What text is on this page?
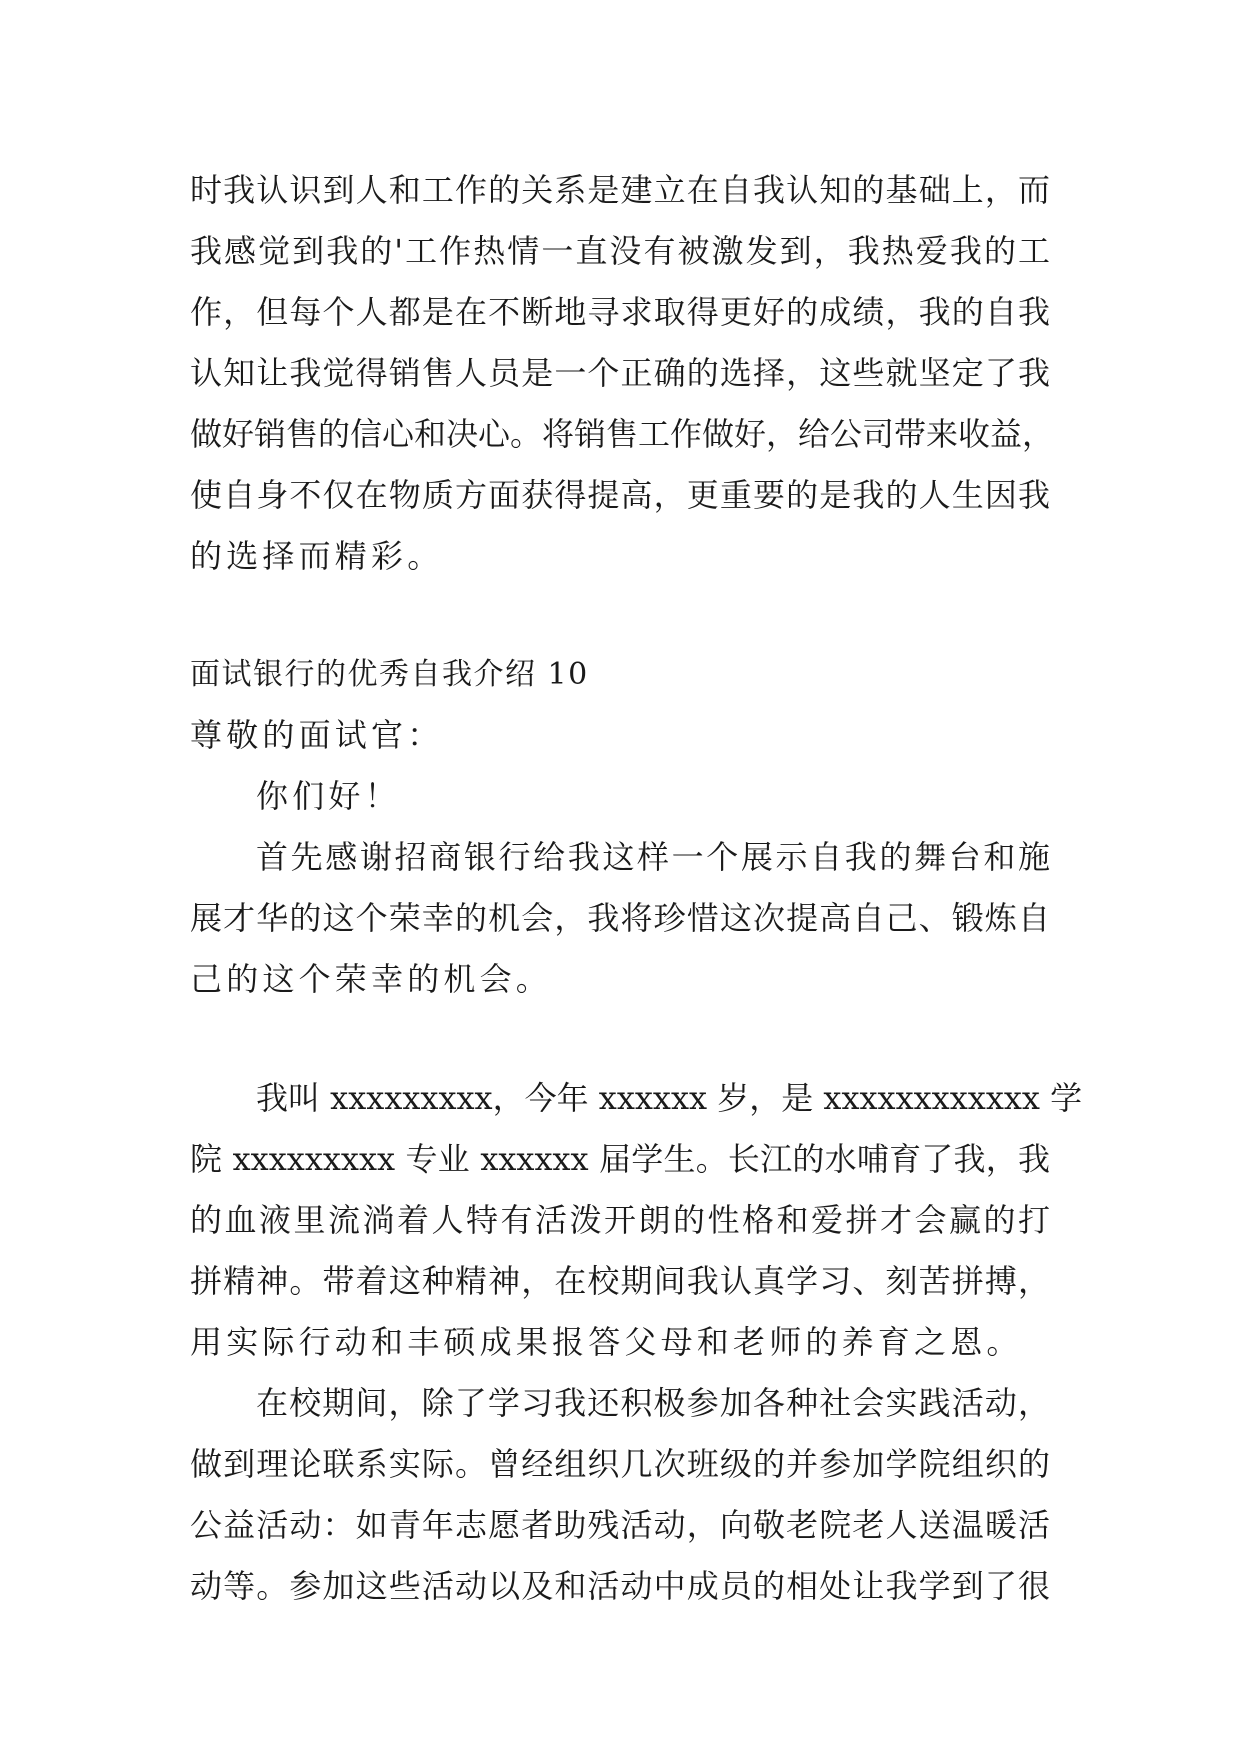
时我认识到人和工作的关系是建立在自我认知的基础上，而
我感觉到我的'工作热情一直没有被激发到，我热爱我的工
作，但每个人都是在不断地寻求取得更好的成绩，我的自我
认知让我觉得销售人员是一个正确的选择，这些就坚定了我
做好销售的信心和决心。将销售工作做好，给公司带来收益，
使自身不仅在物质方面获得提高，更重要的是我的人生因我
的选择而精彩。
面试银行的优秀自我介绍 10
尊敬的面试官：
你们好！
首先感谢招商银行给我这样一个展示自我的舞台和施
展才华的这个荣幸的机会，我将珍惜这次提高自己、锻炼自
己的这个荣幸的机会。
我叫 xxxxxxxxx，今年 xxxxxx 岁，是 xxxxxxxxxxxx 学
院 xxxxxxxxx 专业 xxxxxx 届学生。长江的水哺育了我，我
的血液里流淌着人特有活泼开朗的性格和爱拼才会赢的打
拼精神。带着这种精神，在校期间我认真学习、刻苦拼搏，
用实际行动和丰硕成果报答父母和老师的养育之恩。
在校期间，除了学习我还积极参加各种社会实践活动，
做到理论联系实际。曾经组织几次班级的并参加学院组织的
公益活动：如青年志愿者助残活动，向敬老院老人送温暖活
动等。参加这些活动以及和活动中成员的相处让我学到了很
